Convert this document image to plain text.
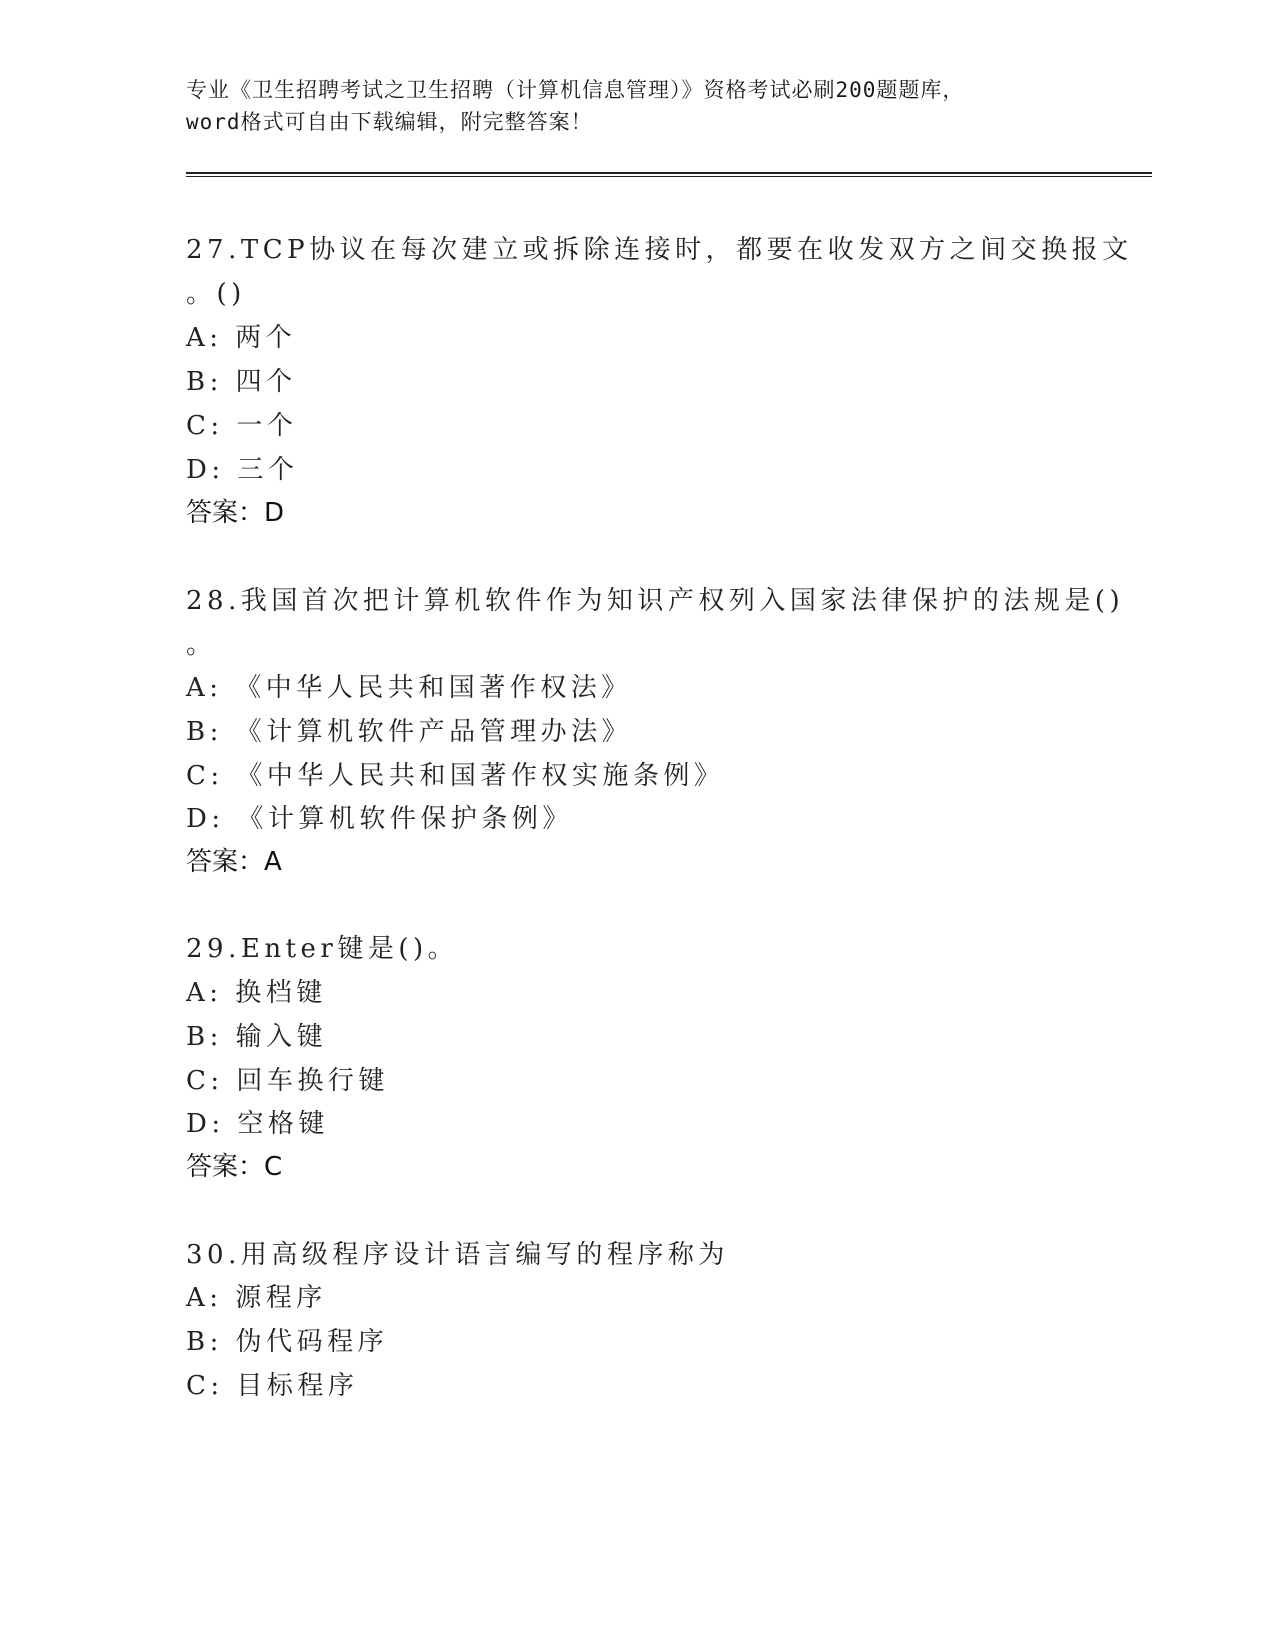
专业《卫生招聘考试之卫生招聘（计算机信息管理）》资格考试必刷200题题库，
word格式可自由下载编辑，附完整答案！
27.TCP协议在每次建立或拆除连接时，都要在收发双方之间交换报文
。()
A: 两个
B: 四个
C: 一个
D: 三个
答案：D
28.我国首次把计算机软件作为知识产权列入国家法律保护的法规是()
。
A: 《中华人民共和国著作权法》
B: 《计算机软件产品管理办法》
C: 《中华人民共和国著作权实施条例》
D: 《计算机软件保护条例》
答案：A
29.Enter键是()。
A: 换档键
B: 输入键
C: 回车换行键
D: 空格键
答案：C
30.用高级程序设计语言编写的程序称为
A: 源程序
B: 伪代码程序
C: 目标程序
